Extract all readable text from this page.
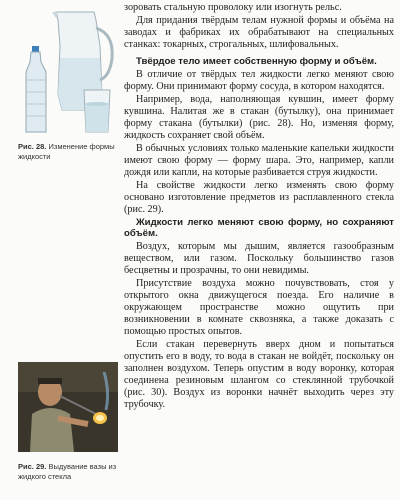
Рис. 28. Изменение формы жидкости
Рис. 29. Выдувание вазы из жидкого стекла

зоровать стальную проволоку или изогнуть рельс.

Для придания твёрдым телам нужной формы и объёма на заводах и фабриках их обрабатывают на специальных станках: токарных, строгальных, шлифовальных.

Твёрдое тело имеет собственную форму и объём.

В отличие от твёрдых тел жидкости легко меняют свою форму. Они принимают форму сосуда, в котором находятся.

Например, вода, наполняющая кувшин, имеет форму кувшина. Налитая же в стакан (бутылку), она принимает форму стакана (бутылки) (рис. 28). Но, изменяя форму, жидкость сохраняет свой объём.

В обычных условиях только маленькие капельки жидкости имеют свою форму — форму шара. Это, например, капли дождя или капли, на которые разбивается струя жидкости.

На свойстве жидкости легко изменять свою форму основано изготовление предметов из расплавленного стекла (рис. 29).

Жидкости легко меняют свою форму, но сохраняют объём.

Воздух, которым мы дышим, является газообразным веществом, или газом. Поскольку большинство газов бесцветны и прозрачны, то они невидимы.

Присутствие воздуха можно почувствовать, стоя у открытого окна движущегося поезда. Его наличие в окружающем пространстве можно ощутить при возникновении в комнате сквозняка, а также доказать с помощью простых опытов.

Если стакан перевернуть вверх дном и попытаться опустить его в воду, то вода в стакан не войдёт, поскольку он заполнен воздухом. Теперь опустим в воду воронку, которая соединена резиновым шлангом со стеклянной трубочкой (рис. 30). Воздух из воронки начнёт выходить через эту трубочку.
